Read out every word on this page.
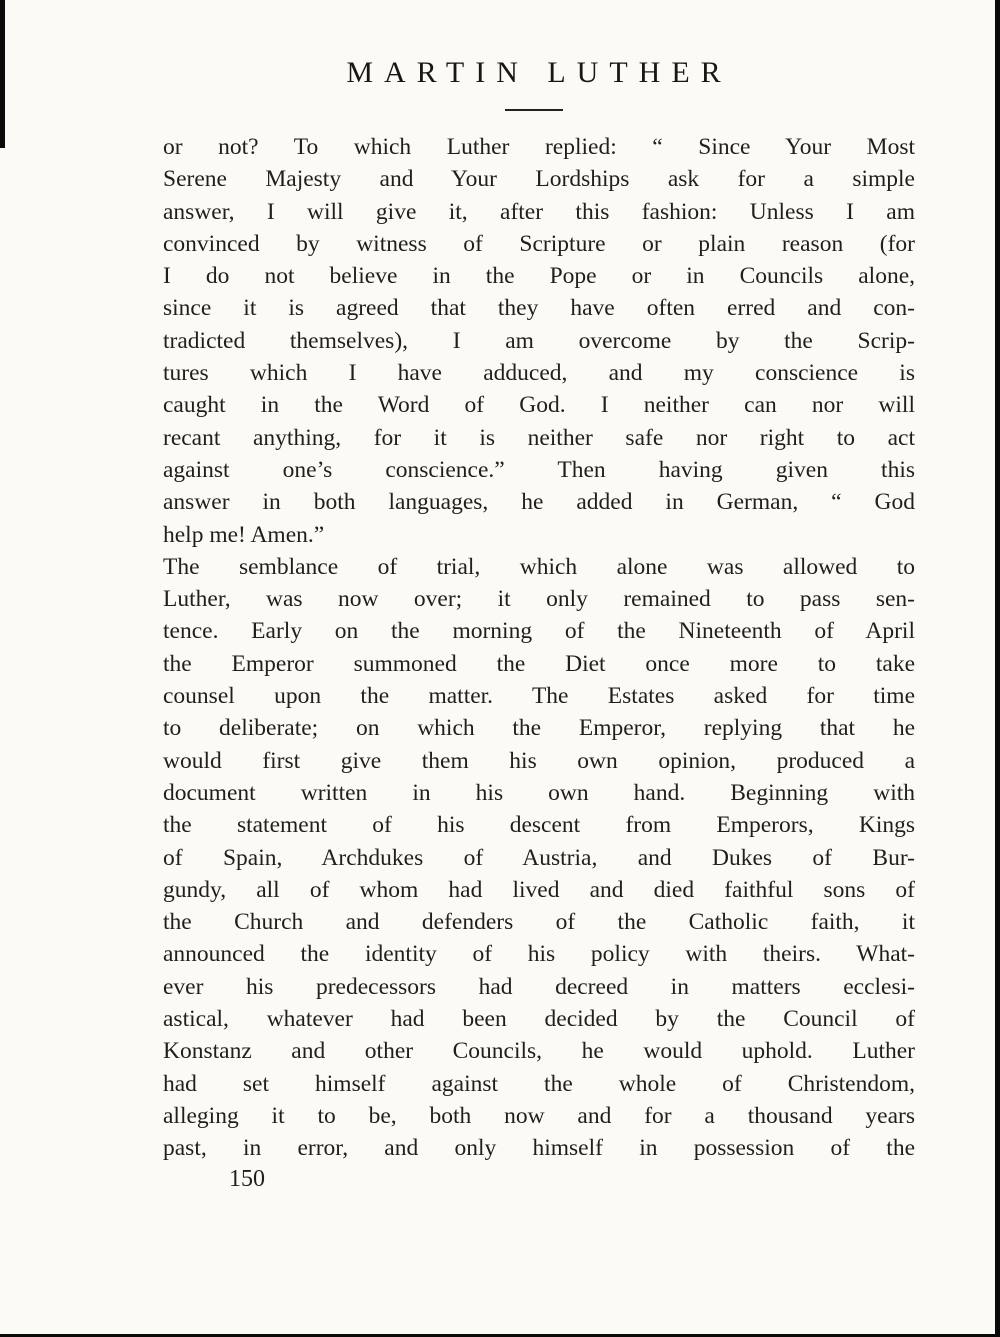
MARTIN LUTHER
or not? To which Luther replied: “ Since Your Most
Serene Majesty and Your Lordships ask for a simple
answer, I will give it, after this fashion: Unless I am
convinced by witness of Scripture or plain reason (for
I do not believe in the Pope or in Councils alone,
since it is agreed that they have often erred and con-
tradicted themselves), I am overcome by the Scrip-
tures which I have adduced, and my conscience is
caught in the Word of God. I neither can nor will
recant anything, for it is neither safe nor right to act
against one’s conscience.” Then having given this
answer in both languages, he added in German, “ God
help me! Amen.”
The semblance of trial, which alone was allowed to
Luther, was now over; it only remained to pass sen-
tence. Early on the morning of the Nineteenth of April
the Emperor summoned the Diet once more to take
counsel upon the matter. The Estates asked for time
to deliberate; on which the Emperor, replying that he
would first give them his own opinion, produced a
document written in his own hand. Beginning with
the statement of his descent from Emperors, Kings
of Spain, Archdukes of Austria, and Dukes of Bur-
gundy, all of whom had lived and died faithful sons of
the Church and defenders of the Catholic faith, it
announced the identity of his policy with theirs. What-
ever his predecessors had decreed in matters ecclesi-
astical, whatever had been decided by the Council of
Konstanz and other Councils, he would uphold. Luther
had set himself against the whole of Christendom,
alleging it to be, both now and for a thousand years
past, in error, and only himself in possession of the
150
